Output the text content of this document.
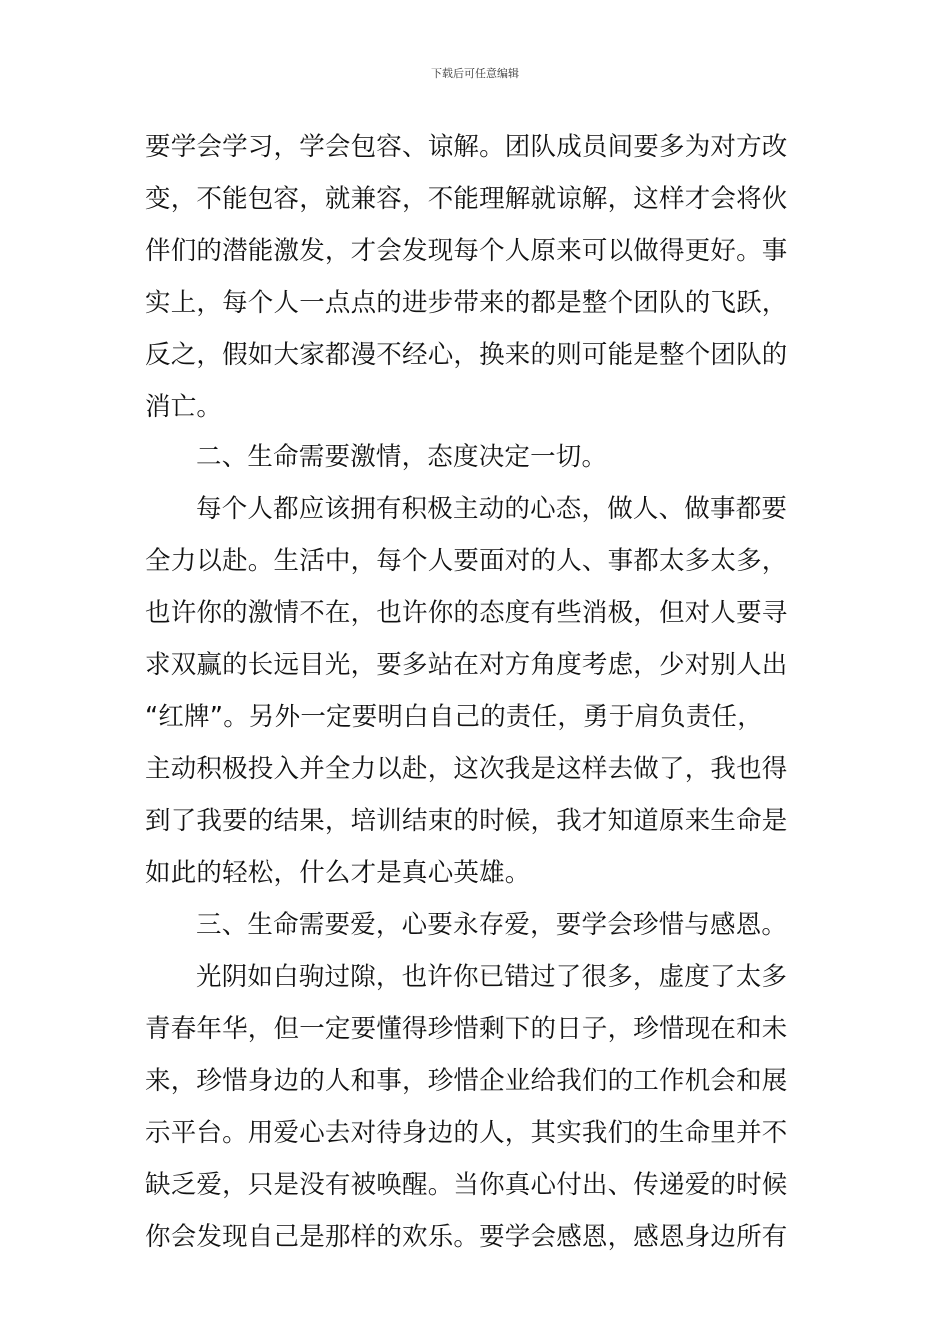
下载后可任意编辑
要学会学习，学会包容、谅解。团队成员间要多为对方改
变，不能包容，就兼容，不能理解就谅解，这样才会将伙
伴们的潜能激发，才会发现每个人原来可以做得更好。事
实上，每个人一点点的进步带来的都是整个团队的飞跃，
反之，假如大家都漫不经心，换来的则可能是整个团队的
消亡。
二、生命需要激情，态度决定一切。
每个人都应该拥有积极主动的心态，做人、做事都要
全力以赴。生活中，每个人要面对的人、事都太多太多，
也许你的激情不在，也许你的态度有些消极，但对人要寻
求双赢的长远目光，要多站在对方角度考虑，少对别人出
“红牌”。另外一定要明白自己的责任，勇于肩负责任，
主动积极投入并全力以赴，这次我是这样去做了，我也得
到了我要的结果，培训结束的时候，我才知道原来生命是
如此的轻松，什么才是真心英雄。
三、生命需要爱，心要永存爱，要学会珍惜与感恩。
光阴如白驹过隙，也许你已错过了很多，虚度了太多
青春年华，但一定要懂得珍惜剩下的日子，珍惜现在和未
来，珍惜身边的人和事，珍惜企业给我们的工作机会和展
示平台。用爱心去对待身边的人，其实我们的生命里并不
缺乏爱，只是没有被唤醒。当你真心付出、传递爱的时候
你会发现自己是那样的欢乐。要学会感恩，感恩身边所有
